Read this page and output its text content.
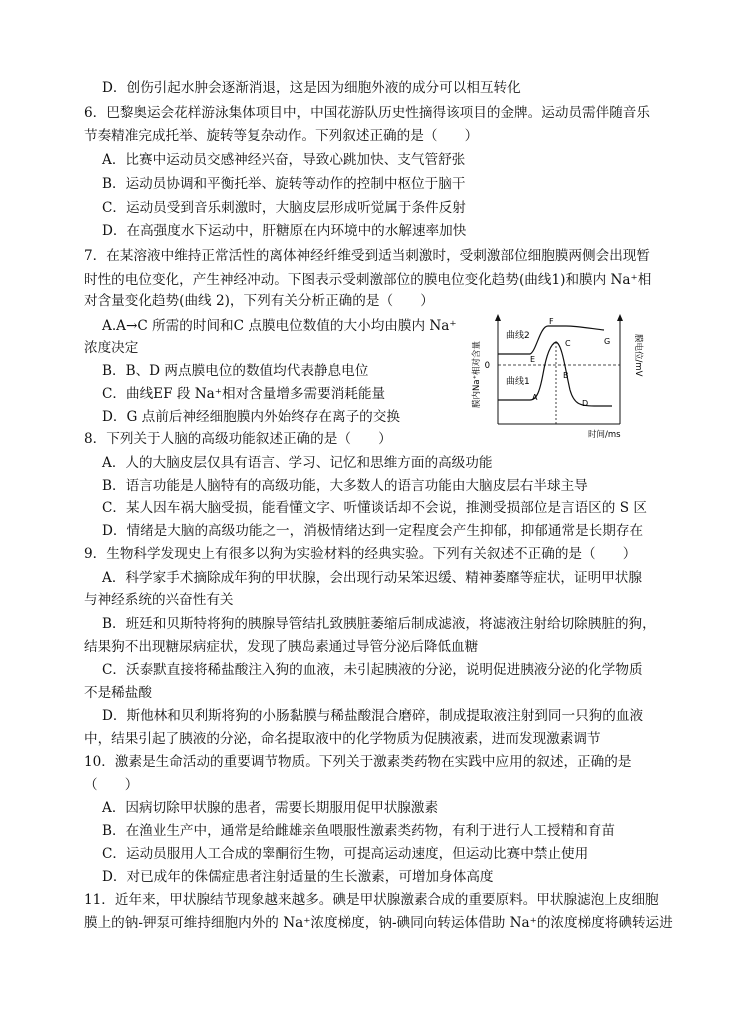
D．创伤引起水肿会逐渐消退，这是因为细胞外液的成分可以相互转化
6．巴黎奥运会花样游泳集体项目中，中国花游队历史性摘得该项目的金牌。运动员需伴随音乐
节奏精准完成托举、旋转等复杂动作。下列叙述正确的是（　　）
A．比赛中运动员交感神经兴奋，导致心跳加快、支气管舒张
B．运动员协调和平衡托举、旋转等动作的控制中枢位于脑干
C．运动员受到音乐刺激时，大脑皮层形成听觉属于条件反射
D．在高强度水下运动中，肝糖原在内环境中的水解速率加快
7．在某溶液中维持正常活性的离体神经纤维受到适当刺激时，受刺激部位细胞膜两侧会出现暂
时性的电位变化，产生神经冲动。下图表示受刺激部位的膜电位变化趋势(曲线1)和膜内 Na⁺相
对含量变化趋势(曲线 2)，下列有关分析正确的是（　　）
A.A→C 所需的时间和C 点膜电位数值的大小均由膜内 Na⁺
浓度决定
B．B、D 两点膜电位的数值均代表静息电位
C．曲线EF 段 Na⁺相对含量增多需要消耗能量
D．G 点前后神经细胞膜内外始终存在离子的交换
8．下列关于人脑的高级功能叙述正确的是（　　）
A．人的大脑皮层仅具有语言、学习、记忆和思维方面的高级功能
B．语言功能是人脑特有的高级功能，大多数人的语言功能由大脑皮层右半球主导
C．某人因车祸大脑受损，能看懂文字、听懂谈话却不会说，推测受损部位是言语区的 S 区
D．情绪是大脑的高级功能之一，消极情绪达到一定程度会产生抑郁，抑郁通常是长期存在
9．生物科学发现史上有很多以狗为实验材料的经典实验。下列有关叙述不正确的是（　　）
A．科学家手术摘除成年狗的甲状腺，会出现行动呆笨迟缓、精神萎靡等症状，证明甲状腺
与神经系统的兴奋性有关
B．班廷和贝斯特将狗的胰腺导管结扎致胰脏萎缩后制成滤液，将滤液注射给切除胰脏的狗，
结果狗不出现糖尿病症状，发现了胰岛素通过导管分泌后降低血糖
C．沃泰默直接将稀盐酸注入狗的血液，未引起胰液的分泌，说明促进胰液分泌的化学物质
不是稀盐酸
D．斯他林和贝利斯将狗的小肠黏膜与稀盐酸混合磨碎，制成提取液注射到同一只狗的血液
中，结果引起了胰液的分泌，命名提取液中的化学物质为促胰液素，进而发现激素调节
10．激素是生命活动的重要调节物质。下列关于激素类药物在实践中应用的叙述，正确的是
（　　）
A．因病切除甲状腺的患者，需要长期服用促甲状腺激素
B．在渔业生产中，通常是给雌雄亲鱼喂服性激素类药物，有利于进行人工授精和育苗
C．运动员服用人工合成的睾酮衍生物，可提高运动速度，但运动比赛中禁止使用
D．对已成年的侏儒症患者注射适量的生长激素，可增加身体高度
11．近年来，甲状腺结节现象越来越多。碘是甲状腺激素合成的重要原料。甲状腺滤泡上皮细胞
膜上的钠-钾泵可维持细胞内外的 Na⁺浓度梯度，钠-碘同向转运体借助 Na⁺的浓度梯度将碘转运进
膜内Na⁺相对含量	膜电位/mV
0
时间/ms
曲线2
曲线1
A
B
C
D
E
F
G
